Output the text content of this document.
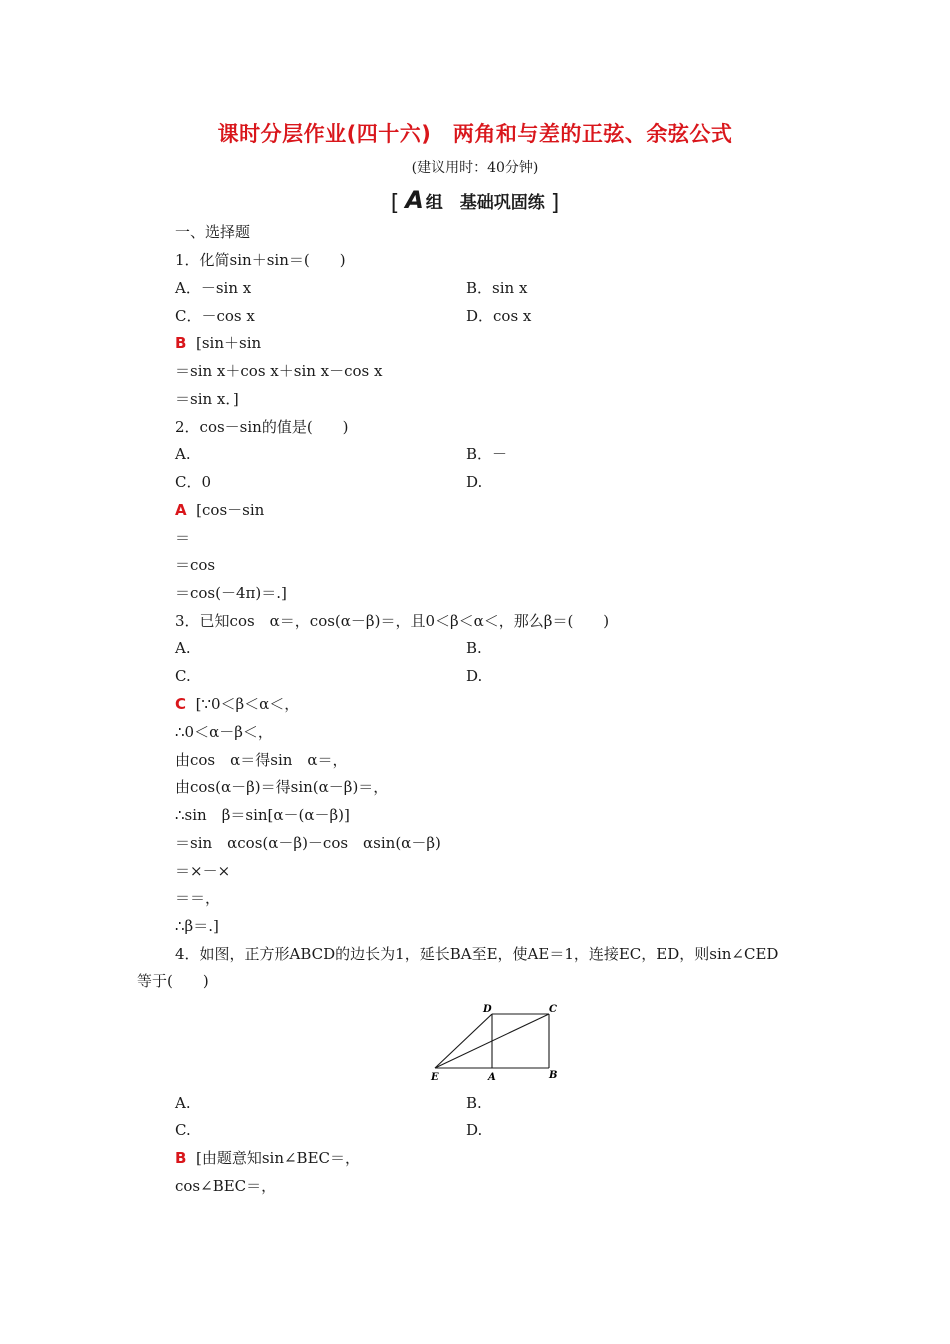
课时分层作业(四十六)　两角和与差的正弦、余弦公式
(建议用时：40分钟)
[ A 组　基础巩固练 ]
一、选择题
1．化简sin＋sin＝(　　)
A．－sin x	B．sin x
C．－cos x	D．cos x
B [sin＋sin
＝sin x＋cos x＋sin x－cos x
＝sin x．]
2．cos－sin的值是(　　)
A.	B．－
C．0	D.
A [cos－sin
＝
＝cos
＝cos(－4π)＝.]
3．已知cos　α＝，cos(α－β)＝，且0＜β＜α＜，那么β＝(　　)
A.	B.
C.	D.
C [∵0＜β＜α＜，
∴0＜α－β＜，
由cos　α＝得sin　α＝，
由cos(α－β)＝得sin(α－β)＝，
∴sin　β＝sin[α－(α－β)]
＝sin　αcos(α－β)－cos　αsin(α－β)
＝×－×
＝＝，
∴β＝.]
4．如图，正方形ABCD的边长为1，延长BA至E，使AE＝1，连接EC，ED，则sin∠CED
等于(　　)
D	C
E	A	B
A.	B.
C.	D.
B [由题意知sin∠BEC＝，
cos∠BEC＝，
